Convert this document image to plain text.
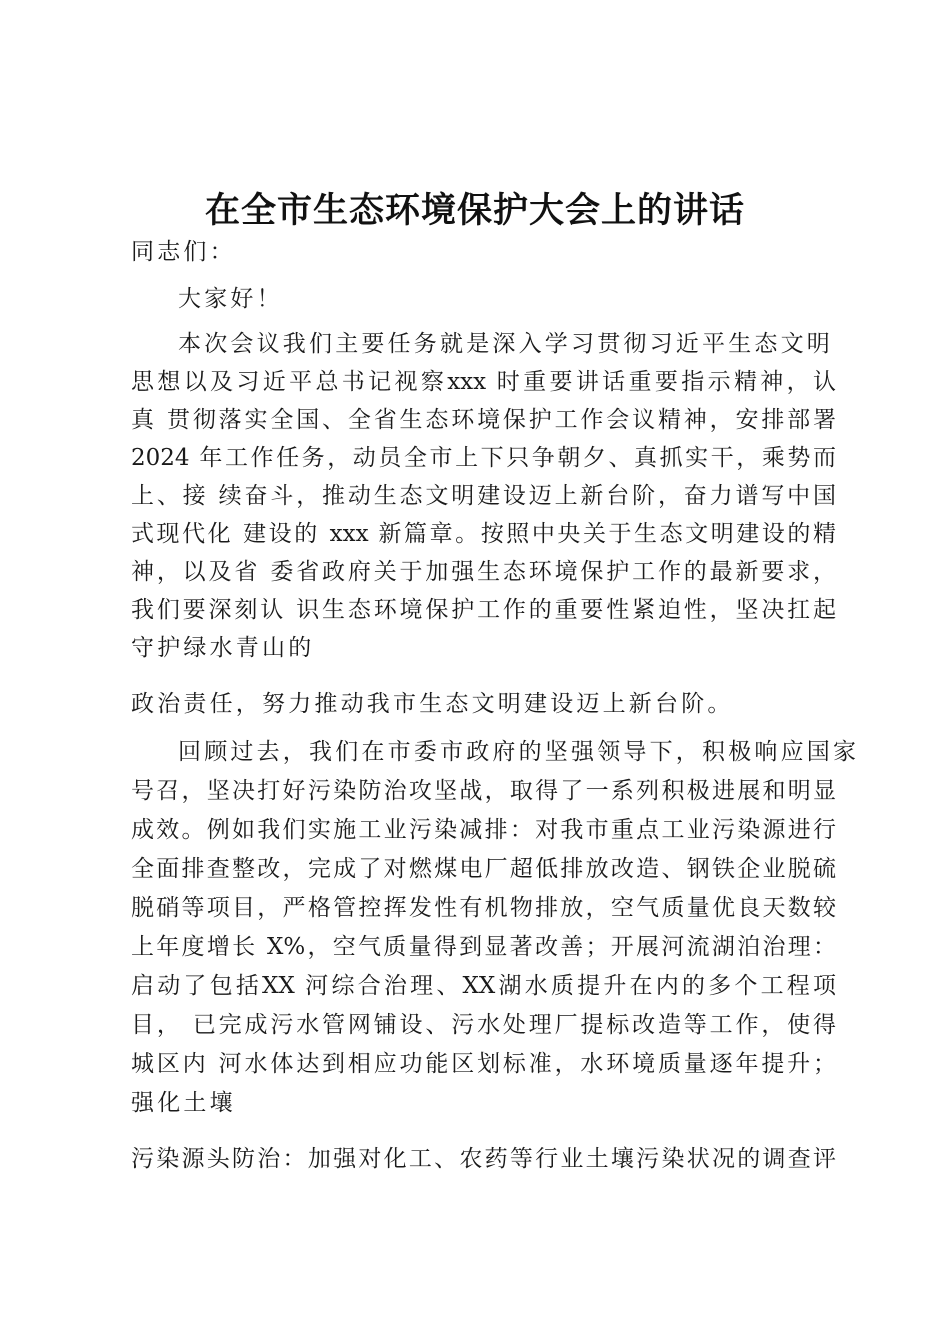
在全市生态环境保护大会上的讲话
同志们：
大家好！
本次会议我们主要任务就是深入学习贯彻习近平生态文明
思想以及习近平总书记视察xxx 时重要讲话重要指示精神，认
真 贯彻落实全国、全省生态环境保护工作会议精神，安排部署
2024 年工作任务，动员全市上下只争朝夕、真抓实干，乘势而
上、接 续奋斗，推动生态文明建设迈上新台阶，奋力谱写中国
式现代化 建设的 xxx 新篇章。按照中央关于生态文明建设的精
神，以及省 委省政府关于加强生态环境保护工作的最新要求，
我们要深刻认 识生态环境保护工作的重要性紧迫性，坚决扛起
守护绿水青山的
政治责任，努力推动我市生态文明建设迈上新台阶。
回顾过去，我们在市委市政府的坚强领导下，积极响应国家
号召，坚决打好污染防治攻坚战，取得了一系列积极进展和明显
成效。例如我们实施工业污染减排：对我市重点工业污染源进行
全面排查整改，完成了对燃煤电厂超低排放改造、钢铁企业脱硫
脱硝等项目，严格管控挥发性有机物排放，空气质量优良天数较
上年度增长 X%，空气质量得到显著改善；开展河流湖泊治理：
启动了包括XX 河综合治理、XX湖水质提升在内的多个工程项
目， 已完成污水管网铺设、污水处理厂提标改造等工作，使得
城区内 河水体达到相应功能区划标准，水环境质量逐年提升；
强化土壤
污染源头防治：加强对化工、农药等行业土壤污染状况的调查评
